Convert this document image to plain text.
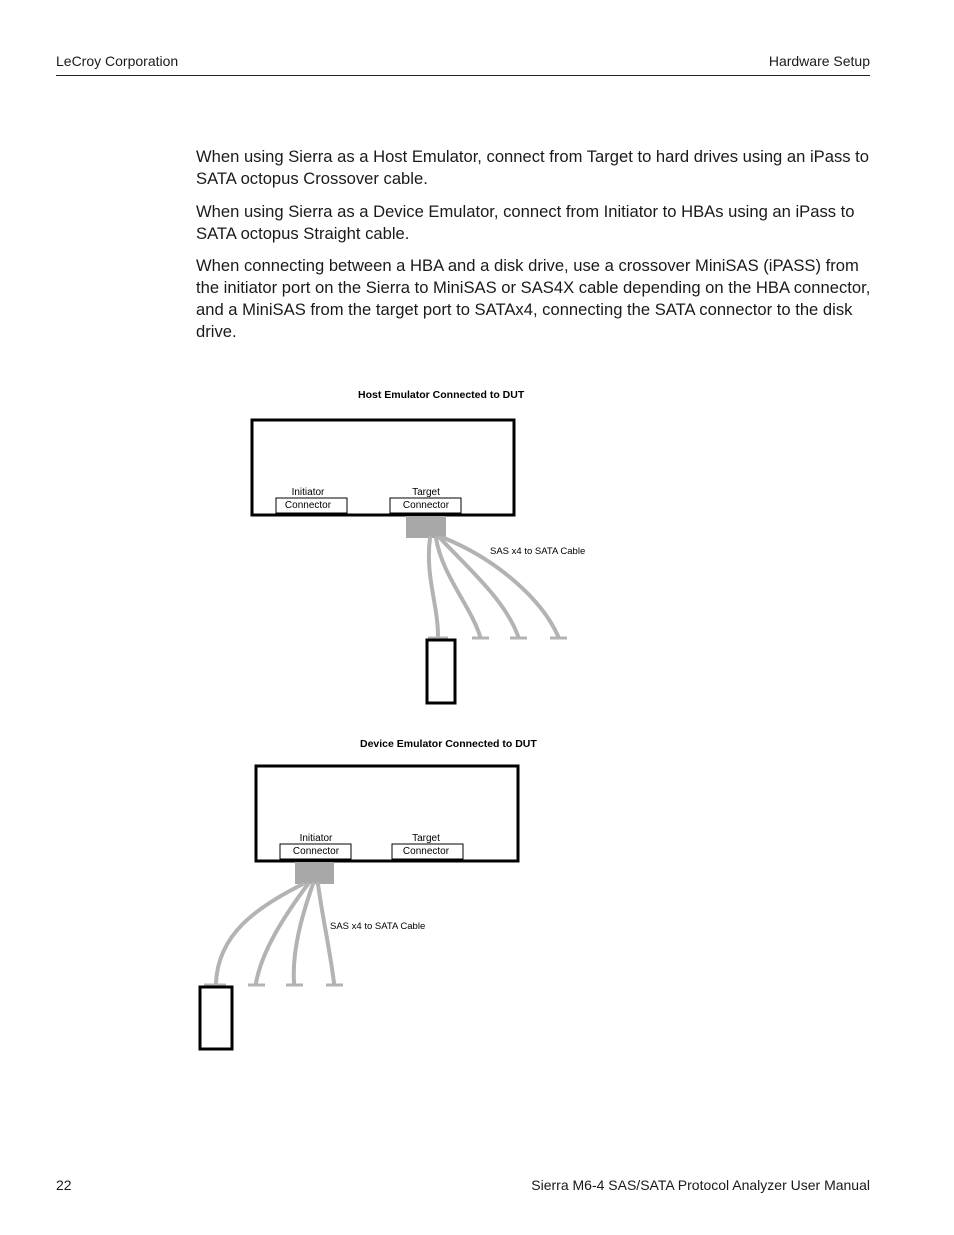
LeCroy Corporation	Hardware Setup

When using Sierra as a Host Emulator, connect from Target to hard drives using an iPass to SATA octopus Crossover cable.

When using Sierra as a Device Emulator, connect from Initiator to HBAs using an iPass to SATA octopus Straight cable.

When connecting between a HBA and a disk drive, use a crossover MiniSAS (iPASS) from the initiator port on the Sierra to MiniSAS or SAS4X cable depending on the HBA connector, and a MiniSAS from the target port to SATAx4, connecting the SATA connector to the disk drive.

Host Emulator Connected to DUT
Initiator
Connector
Target
Connector
SAS x4 to SATA Cable
Device Emulator Connected to DUT
Initiator
Connector
Target
Connector
SAS x4 to SATA Cable
22	Sierra M6-4 SAS/SATA Protocol Analyzer User Manual
